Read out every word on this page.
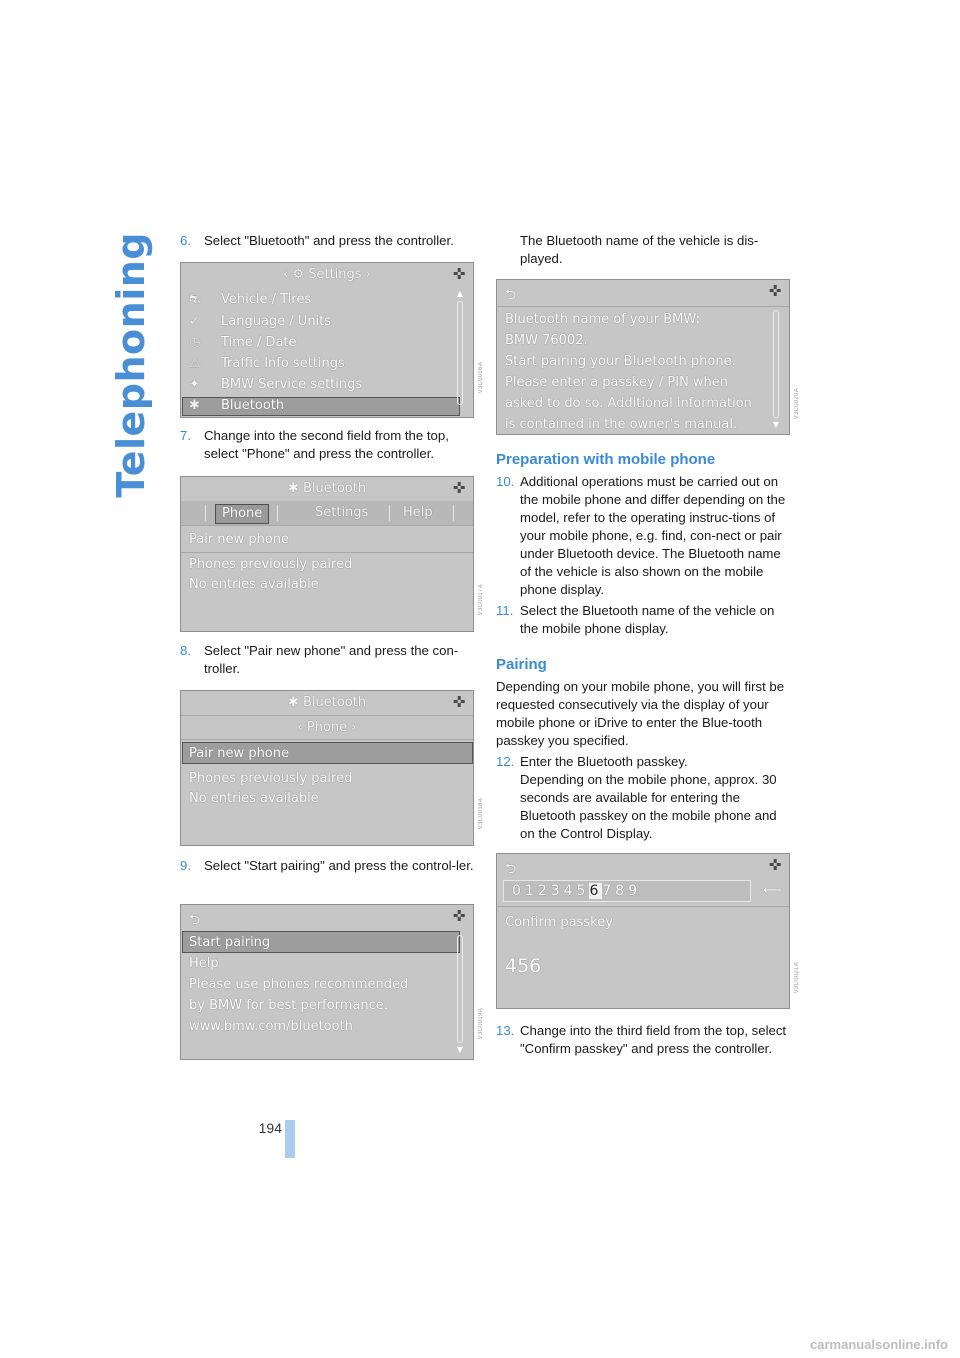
Telephoning 6. Select "Bluetooth" and press the controller.
‹ ⚙ Settings ›	✜
⛐ Vehicle / Tires
✓ Language / Units
◷ Time / Date
⚠ Traffic Info settings
✦ BMW Service settings
✱ Bluetooth
▲
V3C0016A
7. Change into the second field from the top, select "Phone" and press the controller.
✱ Bluetooth	✜
Phone	Settings	Help
Pair new phone
Phones previously paired
No entries available	V3C0017A
8. Select "Pair new phone" and press the con-troller.
✱ Bluetooth	✜
‹ Phone ›
Pair new phone
Phones previously paired
No entries available	V3C0018A
9. Select "Start pairing" and press the control-ler.
⮌	✜
Start pairing
Help
Please use phones recommended
by BMW for best performance.
www.bmw.com/bluetooth
▼
V3C0019A
The Bluetooth name of the vehicle is dis-played.
⮌	✜
Bluetooth name of your BMW:
BMW 76002.
Start pairing your Bluetooth phone.
Please enter a passkey / PIN when
asked to do so. Additional information
is contained in the owner's manual.	▼
V3C0020A
Preparation with mobile phone
10. Additional operations must be carried out on the mobile phone and differ depending on the model, refer to the operating instruc-tions of your mobile phone, e.g. find, con-nect or pair under Bluetooth device. The Bluetooth name of the vehicle is also shown on the mobile phone display.
11. Select the Bluetooth name of the vehicle on the mobile phone display.
Pairing
Depending on your mobile phone, you will first be requested consecutively via the display of your mobile phone or iDrive to enter the Blue-tooth passkey you specified.
12. Enter the Bluetooth passkey.
Depending on the mobile phone, approx. 30 seconds are available for entering the Bluetooth passkey on the mobile phone and on the Control Display.
⮌	✜
0123456789	⟵
Confirm passkey
456	V3C0021A
13. Change into the third field from the top, select "Confirm passkey" and press the controller.
194
carmanualsonline.info
